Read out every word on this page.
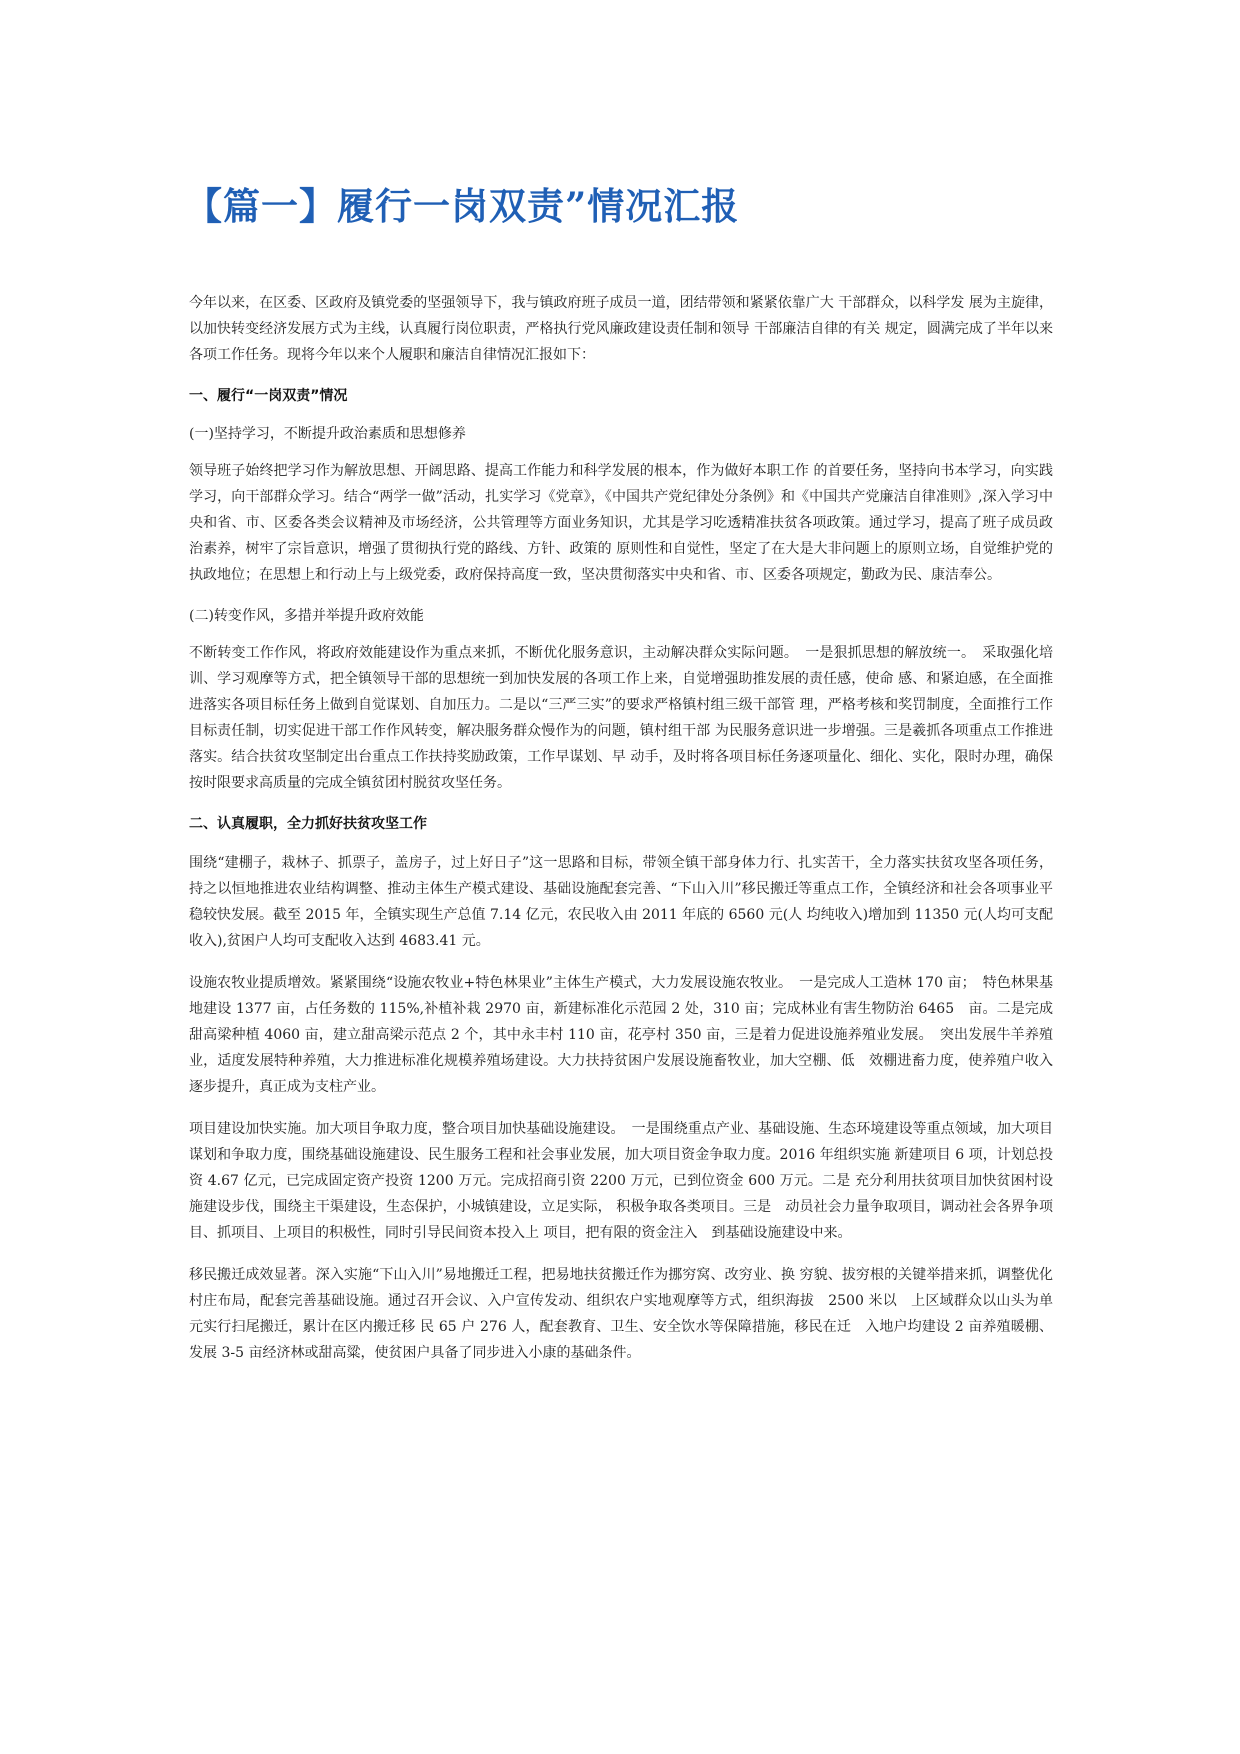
【篇一】履行一岗双责”情况汇报

今年以来，在区委、区政府及镇党委的坚强领导下，我与镇政府班子成员一道，团结带领和紧紧依靠广大 干部群众，以科学发 展为主旋律，以加快转变经济发展方式为主线，认真履行岗位职责，严格执行党风廉政建设责任制和领导 干部廉洁自律的有关 规定，圆满完成了半年以来各项工作任务。现将今年以来个人履职和廉洁自律情况汇报如下：

一、履行“一岗双责”情况

(一)坚持学习，不断提升政治素质和思想修养

领导班子始终把学习作为解放思想、开阔思路、提高工作能力和科学发展的根本，作为做好本职工作 的首要任务，坚持向书本学习，向实践学习，向干部群众学习。结合“两学一做”活动，扎实学习《党章》，《中国共产党纪律处分条例》和《中国共产党廉洁自律准则》,深入学习中央和省、市、区委各类会议精神及市场经济，公共管理等方面业务知识，尤其是学习吃透精准扶贫各项政策。通过学习，提高了班子成员政治素养，树牢了宗旨意识，增强了贯彻执行党的路线、方针、政策的 原则性和自觉性，坚定了在大是大非问题上的原则立场，自觉维护党的执政地位；在思想上和行动上与上级党委，政府保持高度一致，坚决贯彻落实中央和省、市、区委各项规定，勤政为民、康洁奉公。

(二)转变作风，多措并举提升政府效能

不断转变工作作风，将政府效能建设作为重点来抓，不断优化服务意识，主动解决群众实际问题。　一是狠抓思想的解放统一。　采取强化培训、学习观摩等方式，把全镇领导干部的思想统一到加快发展的各项工作上来，自觉增强助推发展的责任感，使命 感、和紧迫感，在全面推进落实各项目标任务上做到自觉谋划、自加压力。二是以“三严三实”的要求严格镇村组三级干部管 理，严格考核和奖罚制度，全面推行工作目标责任制，切实促进干部工作作风转变，解决服务群众慢作为的问题，镇村组干部 为民服务意识进一步增强。三是羲抓各项重点工作推进落实。结合扶贫攻坚制定出台重点工作扶持奖励政策，工作早谋划、早 动手，及时将各项目标任务逐项量化、细化、实化，限时办理，确保按时限要求高质量的完成全镇贫团村脱贫攻坚任务。

二、认真履职，全力抓好扶贫攻坚工作

围绕“建棚子，栽林子、抓票子，盖房子，过上好日子”这一思路和目标，带领全镇干部身体力行、扎实苦干，全力落实扶贫攻坚各项任务，持之以恒地推进农业结构调整、推动主体生产模式建设、基础设施配套完善、“下山入川”移民搬迁等重点工作，全镇经济和社会各项事业平稳较快发展。截至 2015 年，全镇实现生产总值 7.14 亿元，农民收入由 2011 年底的 6560 元(人 均纯收入)增加到 11350 元(人均可支配收入),贫困户人均可支配收入达到 4683.41 元。

设施农牧业提质增效。紧紧围绕“设施农牧业+特色林果业”主体生产模式，大力发展设施农牧业。　一是完成人工造林 170 亩；　特色林果基地建设 1377 亩，占任务数的 115%,补植补栽 2970 亩，新建标准化示范园 2 处，310 亩；完成林业有害生物防治 6465　亩。二是完成甜高梁种植 4060 亩，建立甜高梁示范点 2 个，其中永丰村 110 亩，花亭村 350 亩，三是着力促进设施养殖业发展。　突出发展牛羊养殖业，适度发展特种养殖，大力推进标准化规模养殖场建设。大力扶持贫困户发展设施畜牧业，加大空棚、低　效棚进畜力度，使养殖户收入逐步提升，真正成为支柱产业。

项目建设加快实施。加大项目争取力度，整合项目加快基础设施建设。　一是围绕重点产业、基础设施、生态环境建设等重点领域，加大项目谋划和争取力度，围绕基础设施建设、民生服务工程和社会事业发展，加大项目资金争取力度。2016 年组织实施 新建项目 6 项，计划总投资 4.67 亿元，已完成固定资产投资 1200 万元。完成招商引资 2200 万元，已到位资金 600 万元。二是 充分利用扶贫项目加快贫困村设施建设步伐，围绕主干渠建设，生态保护，小城镇建设，立足实际， 积极争取各类项目。三是　动员社会力量争取项目，调动社会各界争项目、抓项目、上项目的积极性，同时引导民间资本投入上 项目，把有限的资金注入　到基础设施建设中来。

移民搬迁成效显著。深入实施“下山入川”易地搬迁工程，把易地扶贫搬迁作为挪穷窝、改穷业、换 穷貌、拔穷根的关键举措来抓，调整优化村庄布局，配套完善基础设施。通过召开会议、入户宣传发动、组织农户实地观摩等方式，组织海拔　2500 米以　上区域群众以山头为单元实行扫尾搬迁，累计在区内搬迁移 民 65 户 276 人，配套教育、卫生、安全饮水等保障措施，移民在迁　入地户均建设 2 亩养殖暖棚、发展 3-5 亩经济林或甜高粱，使贫困户具备了同步进入小康的基础条件。
